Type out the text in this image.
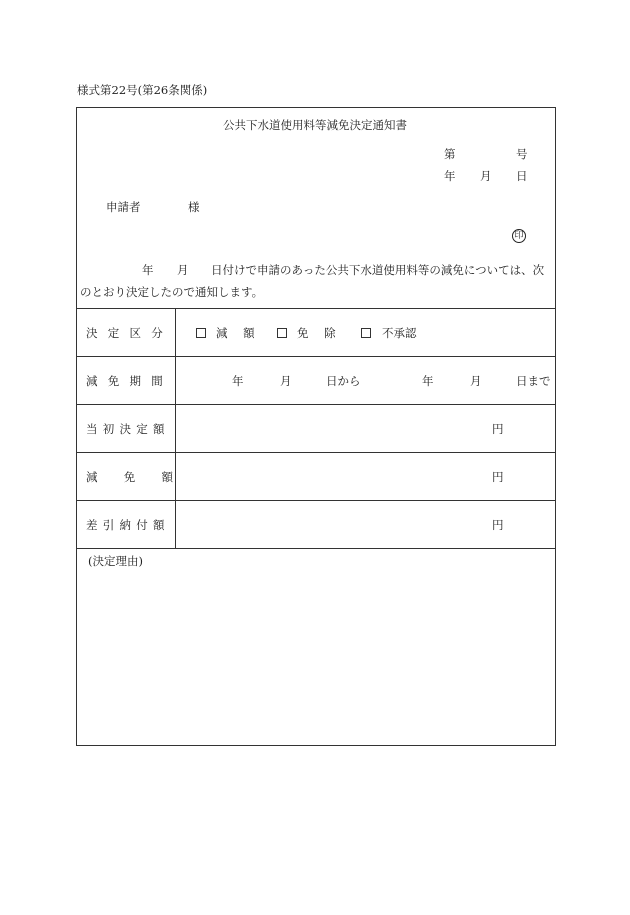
様式第22号(第26条関係)
公共下水道使用料等減免決定通知書
第	号
年 月 日
申請者	様
印
年 月 日付けで申請のあった公共下水道使用料等の減免については、次
のとおり決定したので通知します。
決 定 区 分	減 額	免 除	不承認
減 免 期 間	年	月	日から	年	月	日まで
当 初 決 定 額	円
減 免 額	円
差 引 納 付 額	円
(決定理由)
